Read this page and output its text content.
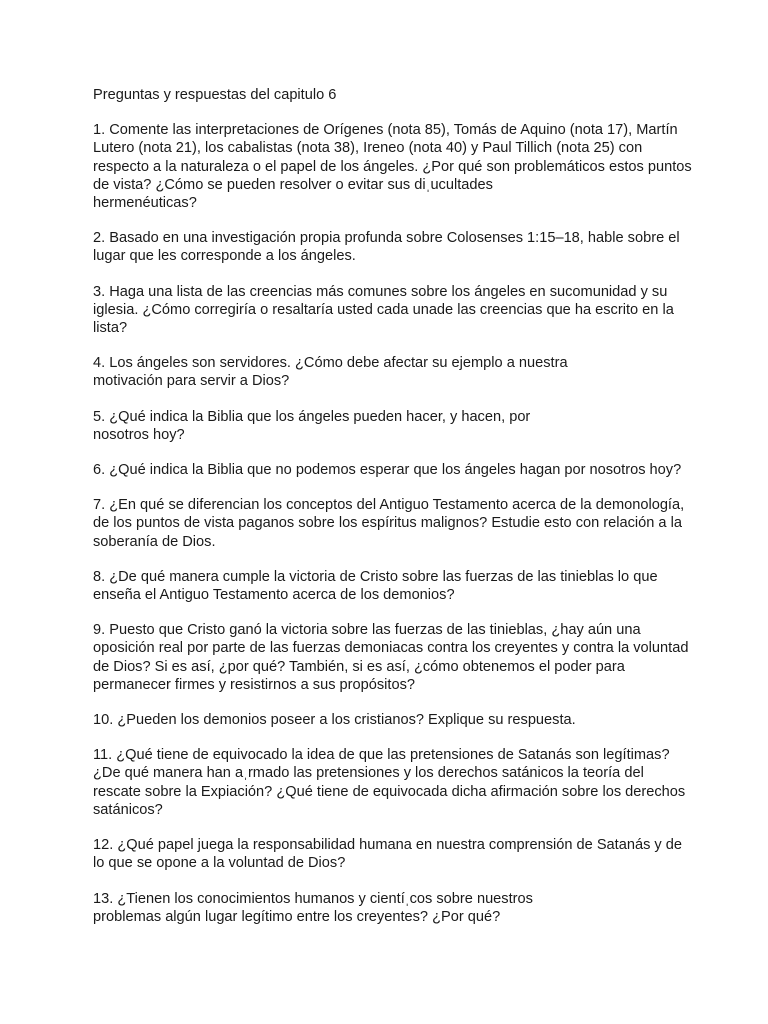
Preguntas y respuestas del capitulo 6
1. Comente las interpretaciones de Orígenes (nota 85), Tomás de Aquino (nota 17), Martín
Lutero (nota 21), los cabalistas (nota 38), Ireneo (nota 40) y Paul Tillich (nota 25) con
respecto a la naturaleza o el papel de los ángeles. ¿Por qué son problemáticos estos puntos
de vista? ¿Cómo se pueden resolver o evitar sus diˌucultades
hermenéuticas?
2. Basado en una investigación propia profunda sobre Colosenses 1:15–18, hable sobre el
lugar que les corresponde a los ángeles.
3. Haga una lista de las creencias más comunes sobre los ángeles en sucomunidad y su
iglesia. ¿Cómo corregiría o resaltaría usted cada unade las creencias que ha escrito en la
lista?
4. Los ángeles son servidores. ¿Cómo debe afectar su ejemplo a nuestra
motivación para servir a Dios?
5. ¿Qué indica la Biblia que los ángeles pueden hacer, y hacen, por
nosotros hoy?
6. ¿Qué indica la Biblia que no podemos esperar que los ángeles hagan por nosotros hoy?
7. ¿En qué se diferencian los conceptos del Antiguo Testamento acerca de la demonología,
de los puntos de vista paganos sobre los espíritus malignos? Estudie esto con relación a la
soberanía de Dios.
8. ¿De qué manera cumple la victoria de Cristo sobre las fuerzas de las tinieblas lo que
enseña el Antiguo Testamento acerca de los demonios?
9. Puesto que Cristo ganó la victoria sobre las fuerzas de las tinieblas, ¿hay aún una
oposición real por parte de las fuerzas demoniacas contra los creyentes y contra la voluntad
de Dios? Si es así, ¿por qué? También, si es así, ¿cómo obtenemos el poder para
permanecer firmes y resistirnos a sus propósitos?
10. ¿Pueden los demonios poseer a los cristianos? Explique su respuesta.
11. ¿Qué tiene de equivocado la idea de que las pretensiones de Satanás son legítimas?
¿De qué manera han aˌrmado las pretensiones y los derechos satánicos la teoría del
rescate sobre la Expiación? ¿Qué tiene de equivocada dicha afirmación sobre los derechos
satánicos?
12. ¿Qué papel juega la responsabilidad humana en nuestra comprensión de Satanás y de
lo que se opone a la voluntad de Dios?
13. ¿Tienen los conocimientos humanos y cientíˌcos sobre nuestros
problemas algún lugar legítimo entre los creyentes? ¿Por qué?
